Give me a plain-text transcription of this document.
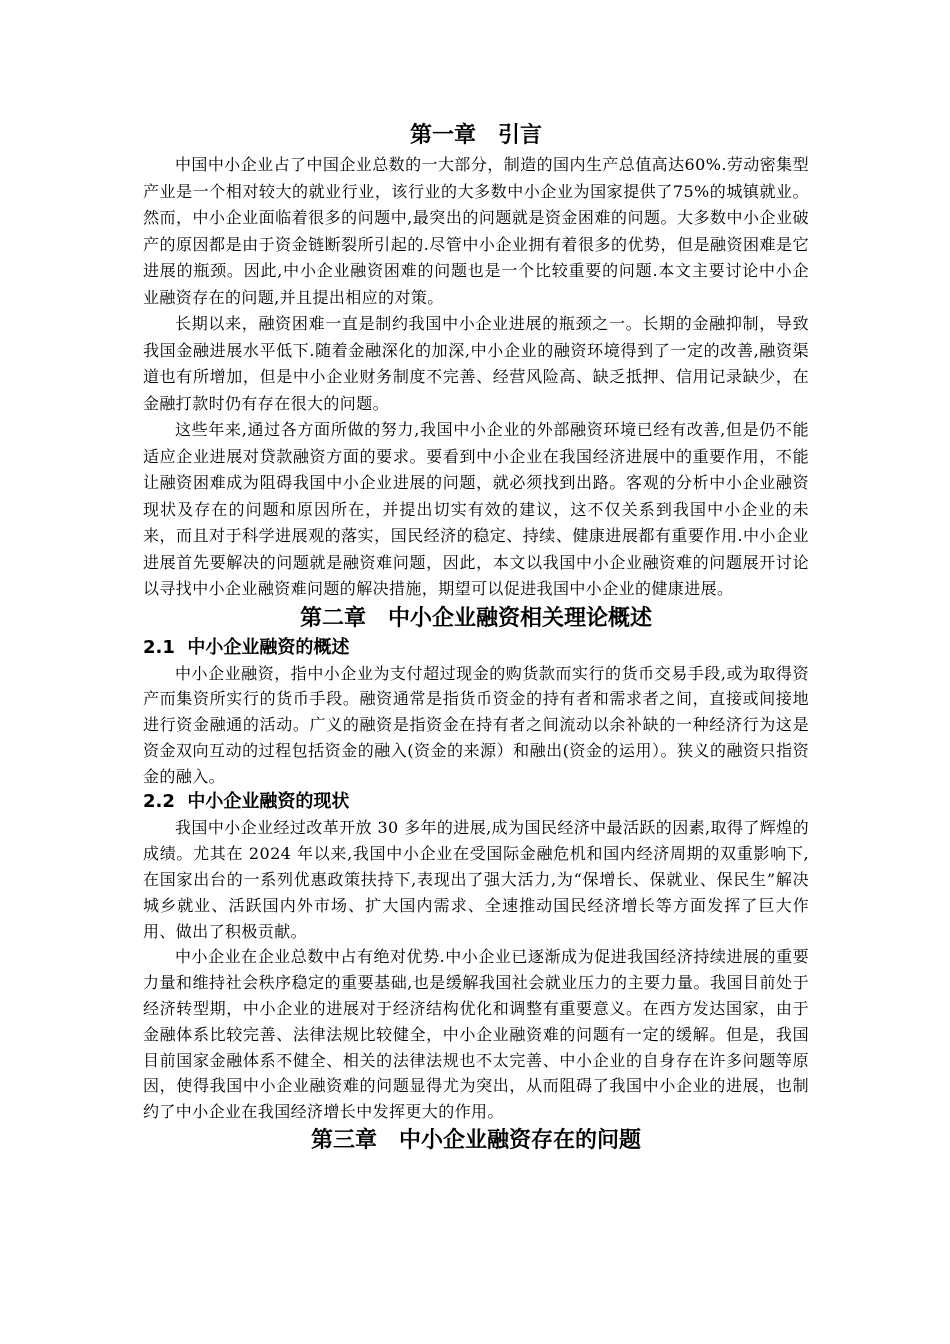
第一章　引言

中国中小企业占了中国企业总数的一大部分，制造的国内生产总值高达60%.劳动密集型产业是一个相对较大的就业行业，该行业的大多数中小企业为国家提供了75%的城镇就业。然而，中小企业面临着很多的问题中,最突出的问题就是资金困难的问题。大多数中小企业破产的原因都是由于资金链断裂所引起的.尽管中小企业拥有着很多的优势，但是融资困难是它进展的瓶颈。因此,中小企业融资困难的问题也是一个比较重要的问题.本文主要讨论中小企业融资存在的问题,并且提出相应的对策。

长期以来，融资困难一直是制约我国中小企业进展的瓶颈之一。长期的金融抑制，导致我国金融进展水平低下.随着金融深化的加深,中小企业的融资环境得到了一定的改善,融资渠道也有所增加，但是中小企业财务制度不完善、经营风险高、缺乏抵押、信用记录缺少，在金融打款时仍有存在很大的问题。

这些年来,通过各方面所做的努力,我国中小企业的外部融资环境已经有改善,但是仍不能适应企业进展对贷款融资方面的要求。要看到中小企业在我国经济进展中的重要作用，不能让融资困难成为阻碍我国中小企业进展的问题，就必须找到出路。客观的分析中小企业融资现状及存在的问题和原因所在，并提出切实有效的建议，这不仅关系到我国中小企业的未来，而且对于科学进展观的落实，国民经济的稳定、持续、健康进展都有重要作用.中小企业进展首先要解决的问题就是融资难问题，因此，本文以我国中小企业融资难的问题展开讨论以寻找中小企业融资难问题的解决措施，期望可以促进我国中小企业的健康进展。

第二章　中小企业融资相关理论概述
2.1  中小企业融资的概述

中小企业融资，指中小企业为支付超过现金的购货款而实行的货币交易手段,或为取得资产而集资所实行的货币手段。融资通常是指货币资金的持有者和需求者之间，直接或间接地进行资金融通的活动。广义的融资是指资金在持有者之间流动以余补缺的一种经济行为这是资金双向互动的过程包括资金的融入(资金的来源）和融出(资金的运用）。狭义的融资只指资金的融入。

2.2  中小企业融资的现状

我国中小企业经过改革开放 30 多年的进展,成为国民经济中最活跃的因素,取得了辉煌的成绩。尤其在 2024 年以来,我国中小企业在受国际金融危机和国内经济周期的双重影响下,在国家出台的一系列优惠政策扶持下,表现出了强大活力,为“保增长、保就业、保民生”解决城乡就业、活跃国内外市场、扩大国内需求、全速推动国民经济增长等方面发挥了巨大作用、做出了积极贡献。

中小企业在企业总数中占有绝对优势.中小企业已逐渐成为促进我国经济持续进展的重要力量和维持社会秩序稳定的重要基础,也是缓解我国社会就业压力的主要力量。我国目前处于经济转型期，中小企业的进展对于经济结构优化和调整有重要意义。在西方发达国家，由于金融体系比较完善、法律法规比较健全，中小企业融资难的问题有一定的缓解。但是，我国目前国家金融体系不健全、相关的法律法规也不太完善、中小企业的自身存在许多问题等原因，使得我国中小企业融资难的问题显得尤为突出，从而阻碍了我国中小企业的进展，也制约了中小企业在我国经济增长中发挥更大的作用。

第三章　中小企业融资存在的问题
